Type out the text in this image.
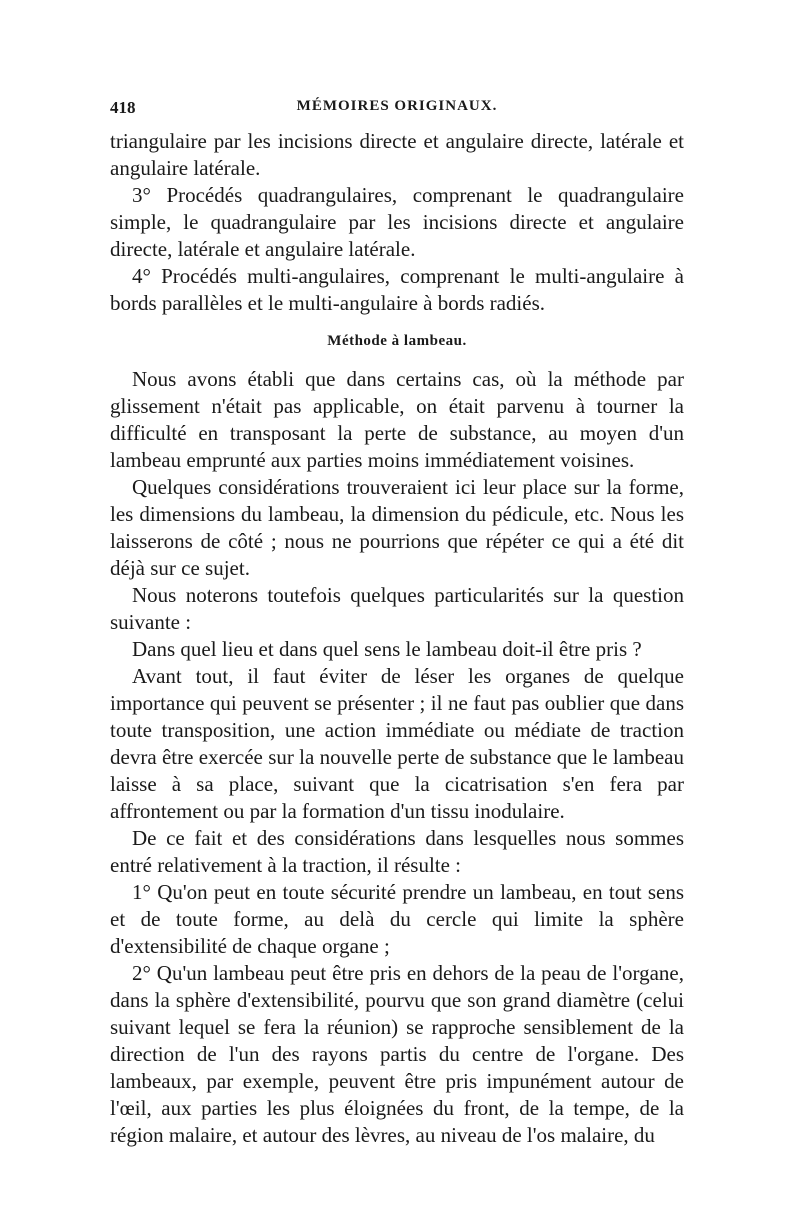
418	MÉMOIRES ORIGINAUX.

triangulaire par les incisions directe et angulaire directe, latérale et angulaire latérale.

3° Procédés quadrangulaires, comprenant le quadrangulaire simple, le quadrangulaire par les incisions directe et angulaire directe, latérale et angulaire latérale.

4° Procédés multi-angulaires, comprenant le multi-angulaire à bords parallèles et le multi-angulaire à bords radiés.

Méthode à lambeau.

Nous avons établi que dans certains cas, où la méthode par glissement n'était pas applicable, on était parvenu à tourner la difficulté en transposant la perte de substance, au moyen d'un lambeau emprunté aux parties moins immédiatement voisines.

Quelques considérations trouveraient ici leur place sur la forme, les dimensions du lambeau, la dimension du pédicule, etc. Nous les laisserons de côté ; nous ne pourrions que répéter ce qui a été dit déjà sur ce sujet.

Nous noterons toutefois quelques particularités sur la question suivante :

Dans quel lieu et dans quel sens le lambeau doit-il être pris ?

Avant tout, il faut éviter de léser les organes de quelque importance qui peuvent se présenter ; il ne faut pas oublier que dans toute transposition, une action immédiate ou médiate de traction devra être exercée sur la nouvelle perte de substance que le lambeau laisse à sa place, suivant que la cicatrisation s'en fera par affrontement ou par la formation d'un tissu inodulaire.

De ce fait et des considérations dans lesquelles nous sommes entré relativement à la traction, il résulte :

1° Qu'on peut en toute sécurité prendre un lambeau, en tout sens et de toute forme, au delà du cercle qui limite la sphère d'extensibilité de chaque organe ;

2° Qu'un lambeau peut être pris en dehors de la peau de l'organe, dans la sphère d'extensibilité, pourvu que son grand diamètre (celui suivant lequel se fera la réunion) se rapproche sensiblement de la direction de l'un des rayons partis du centre de l'organe. Des lambeaux, par exemple, peuvent être pris impunément autour de l'œil, aux parties les plus éloignées du front, de la tempe, de la région malaire, et autour des lèvres, au niveau de l'os malaire, du
